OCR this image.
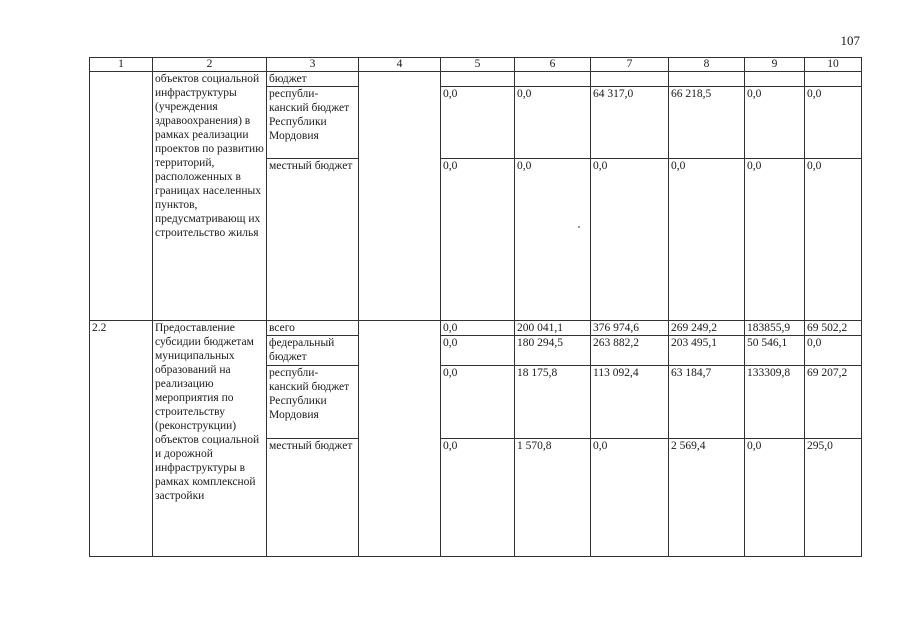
107
1	2	3	4	5	6	7	8	9	10
	объектов социальной инфраструктуры (учреждения здравоохранения) в рамках реализации проектов по развитию территорий, расположенных в границах населенных пунктов, предусматривающ их строительство жилья	бюджет							
		республи-канский бюджет Республики Мордовия		0,0	0,0	64 317,0	66 218,5	0,0	0,0
		местный бюджет		0,0	0,0	0,0	0,0	0,0	0,0
2.2	Предоставление субсидии бюджетам муниципальных образований на реализацию мероприятия по строительству (реконструкции) объектов социальной и дорожной инфраструктуры в рамках комплексной застройки	всего		0,0	200 041,1	376 974,6	269 249,2	183855,9	69 502,2
		федеральный бюджет		0,0	180 294,5	263 882,2	203 495,1	50 546,1	0,0
		республи-канский бюджет Республики Мордовия		0,0	18 175,8	113 092,4	63 184,7	133309,8	69 207,2
		местный бюджет		0,0	1 570,8	0,0	2 569,4	0,0	295,0
